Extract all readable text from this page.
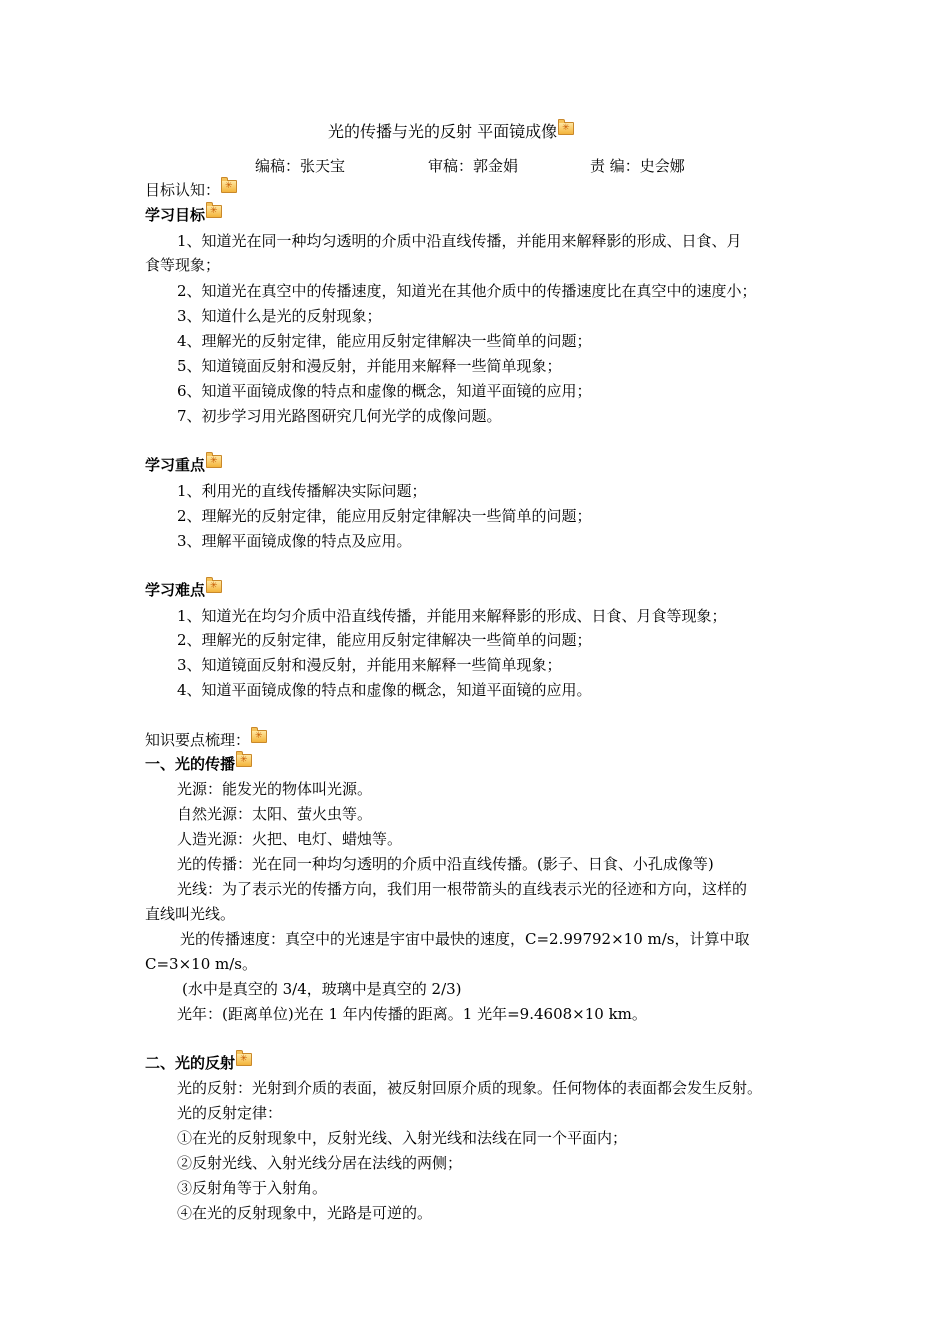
光的传播与光的反射 平面镜成像✳
编稿：张天宝	审稿：郭金娟	责 编：史会娜
目标认知：✳
学习目标✳
1、知道光在同一种均匀透明的介质中沿直线传播，并能用来解释影的形成、日食、月
食等现象；
2、知道光在真空中的传播速度，知道光在其他介质中的传播速度比在真空中的速度小；
3、知道什么是光的反射现象；
4、理解光的反射定律，能应用反射定律解决一些简单的问题；
5、知道镜面反射和漫反射，并能用来解释一些简单现象；
6、知道平面镜成像的特点和虚像的概念，知道平面镜的应用；
7、初步学习用光路图研究几何光学的成像问题。
学习重点✳
1、利用光的直线传播解决实际问题；
2、理解光的反射定律，能应用反射定律解决一些简单的问题；
3、理解平面镜成像的特点及应用。
学习难点✳
1、知道光在均匀介质中沿直线传播，并能用来解释影的形成、日食、月食等现象；
2、理解光的反射定律，能应用反射定律解决一些简单的问题；
3、知道镜面反射和漫反射，并能用来解释一些简单现象；
4、知道平面镜成像的特点和虚像的概念，知道平面镜的应用。
知识要点梳理：✳
一、光的传播✳
光源：能发光的物体叫光源。
自然光源：太阳、萤火虫等。
人造光源：火把、电灯、蜡烛等。
光的传播：光在同一种均匀透明的介质中沿直线传播。(影子、日食、小孔成像等)
光线：为了表示光的传播方向，我们用一根带箭头的直线表示光的径迹和方向，这样的
直线叫光线。
光的传播速度：真空中的光速是宇宙中最快的速度，C=2.99792×10 m/s，计算中取
C=3×10 m/s。
(水中是真空的 3/4，玻璃中是真空的 2/3)
光年：(距离单位)光在 1 年内传播的距离。1 光年=9.4608×10 km。
二、光的反射✳
光的反射：光射到介质的表面，被反射回原介质的现象。任何物体的表面都会发生反射。
光的反射定律：
①在光的反射现象中，反射光线、入射光线和法线在同一个平面内；
②反射光线、入射光线分居在法线的两侧；
③反射角等于入射角。
④在光的反射现象中，光路是可逆的。
